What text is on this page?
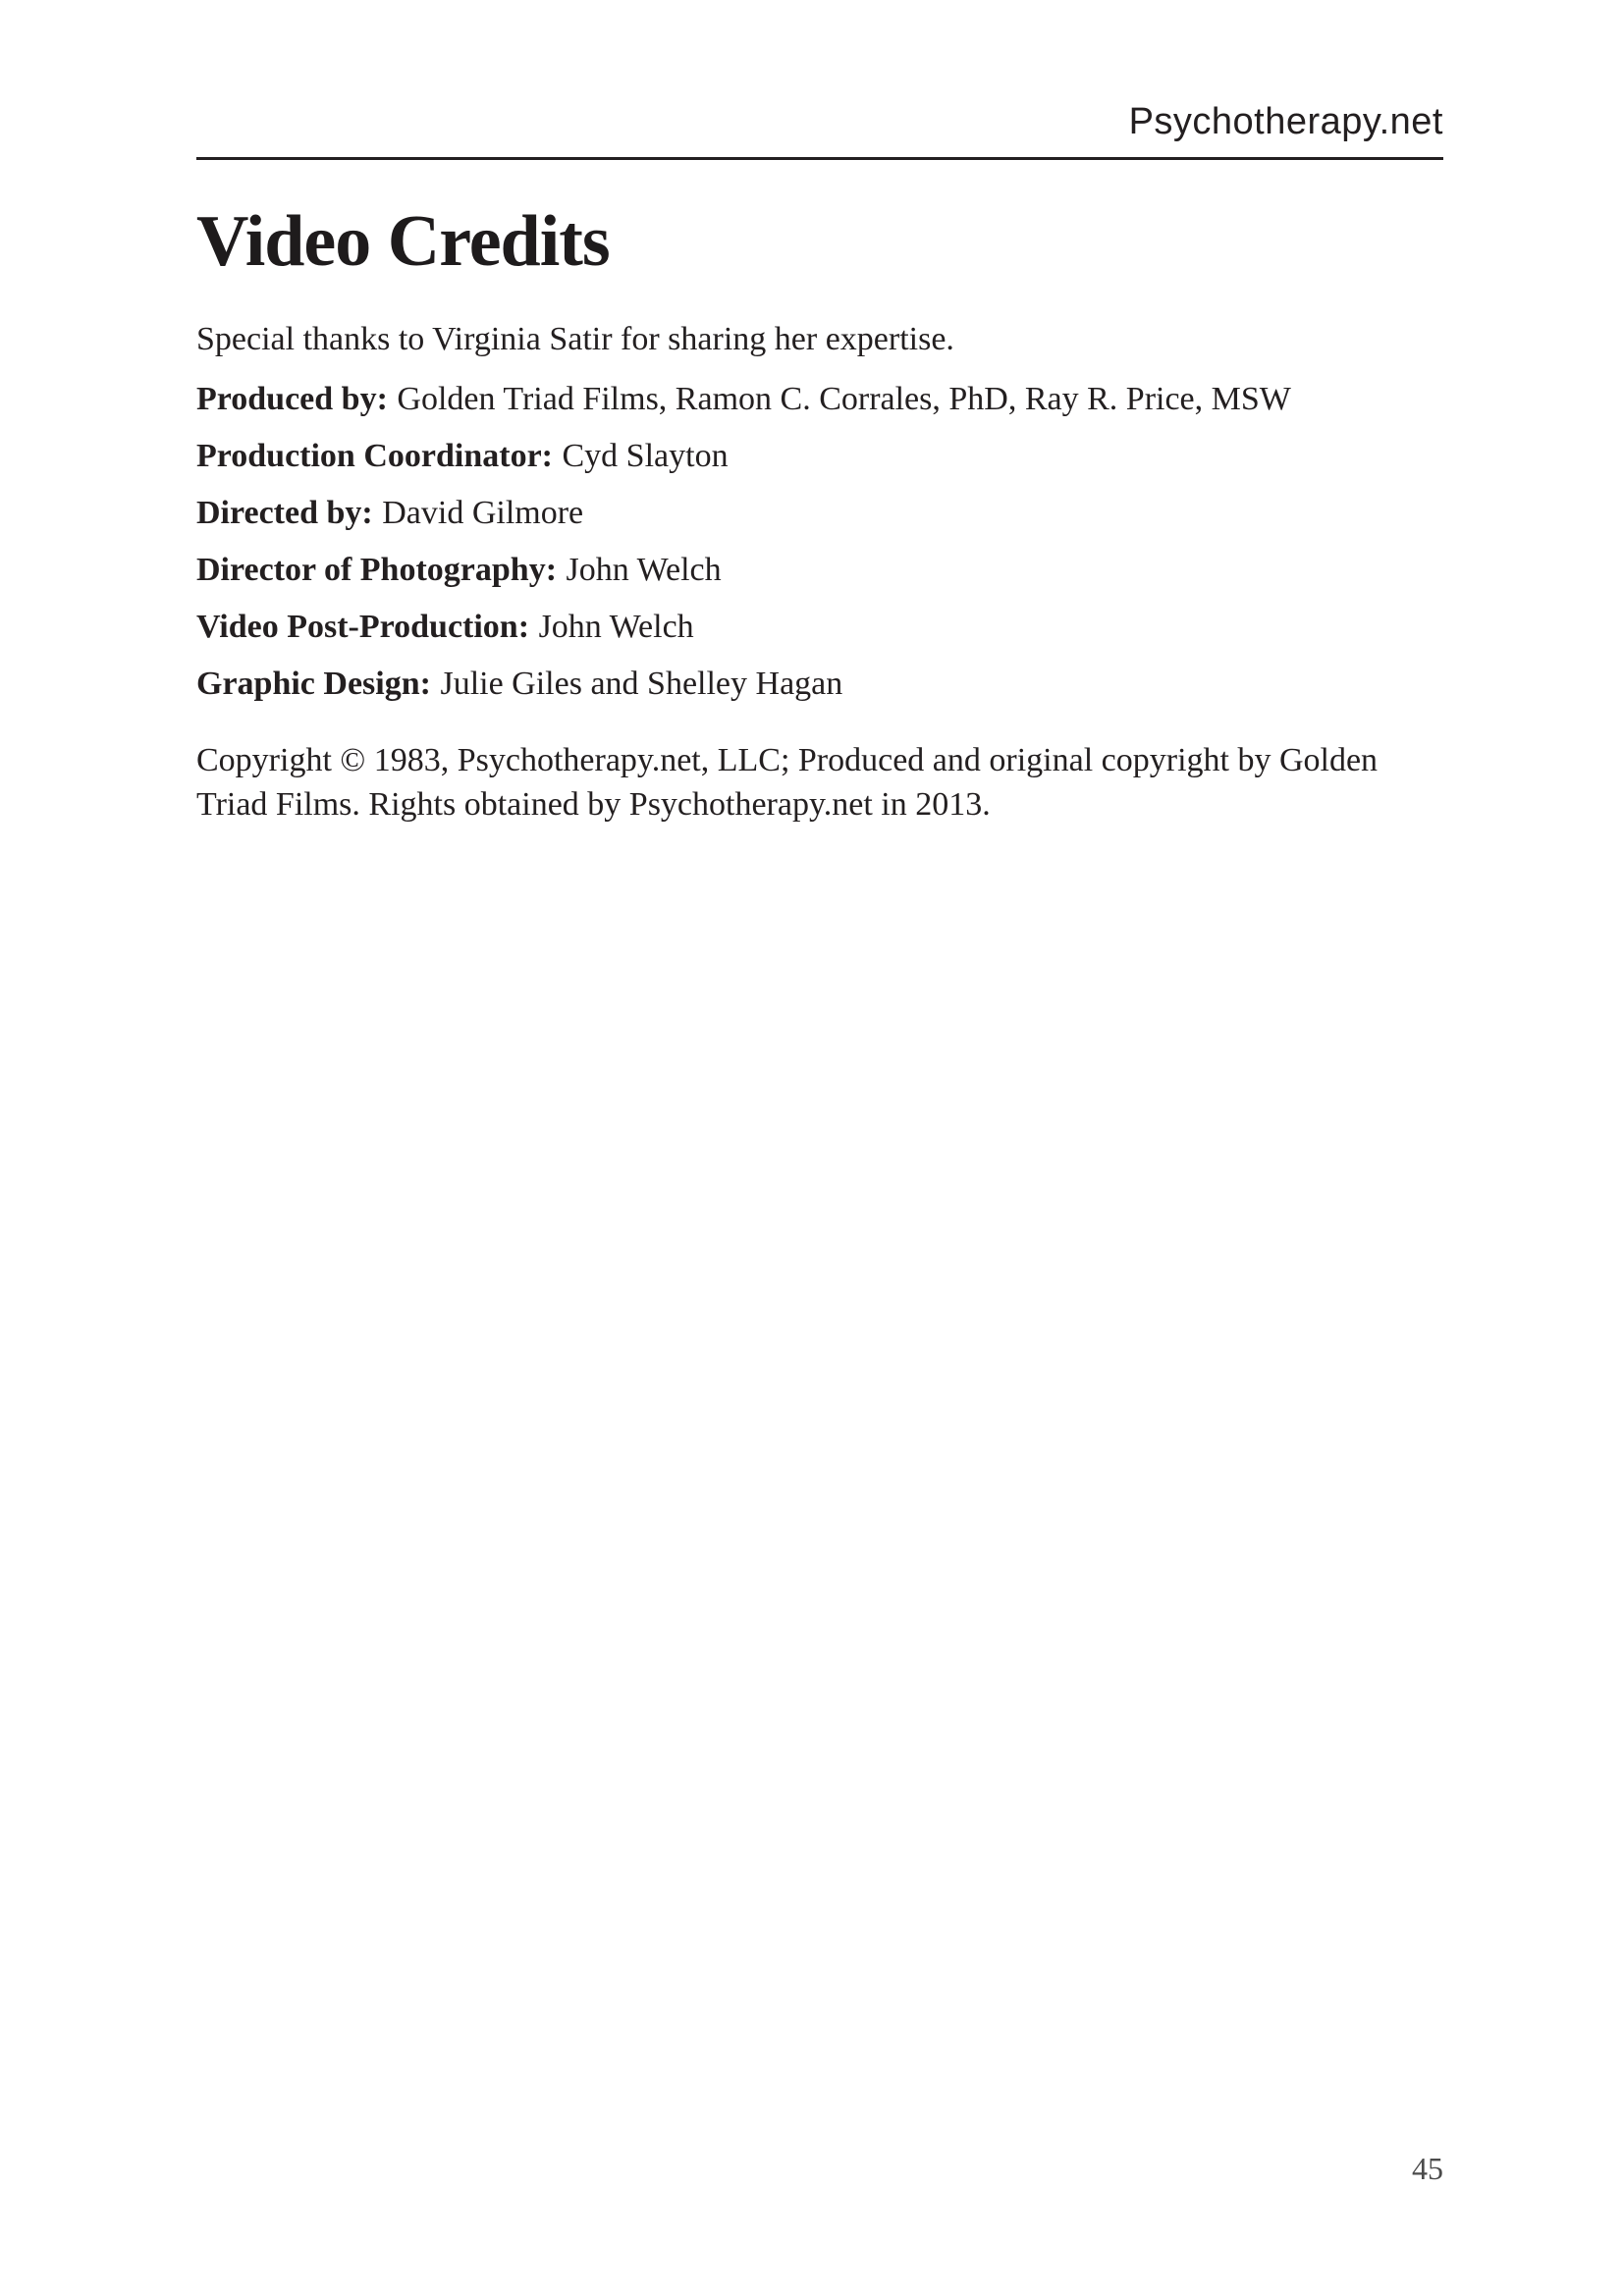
Psychotherapy.net
Video Credits

Special thanks to Virginia Satir for sharing her expertise.

Produced by: Golden Triad Films, Ramon C. Corrales, PhD, Ray R. Price, MSW

Production Coordinator: Cyd Slayton

Directed by: David Gilmore

Director of Photography: John Welch

Video Post-Production: John Welch

Graphic Design: Julie Giles and Shelley Hagan

Copyright © 1983, Psychotherapy.net, LLC; Produced and original copyright by Golden Triad Films. Rights obtained by Psychotherapy.net in 2013.

45
